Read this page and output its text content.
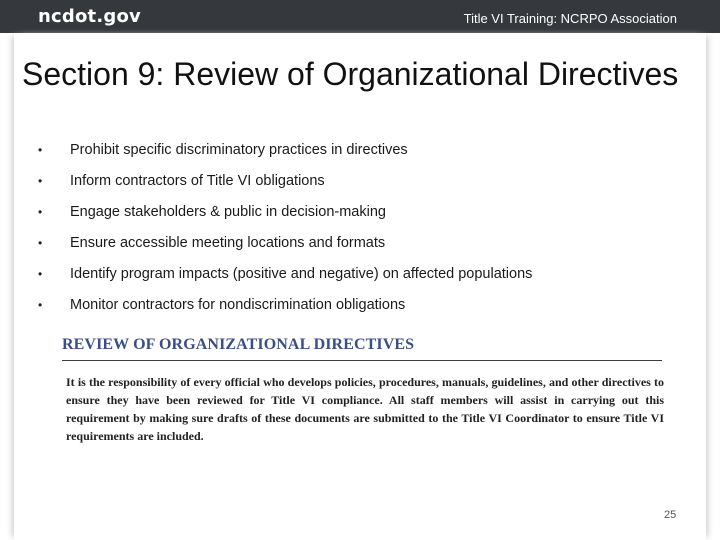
ncdot.gov	Title VI Training: NCRPO Association
Section 9: Review of Organizational Directives
• Prohibit specific discriminatory practices in directives
• Inform contractors of Title VI obligations
• Engage stakeholders & public in decision-making
• Ensure accessible meeting locations and formats
• Identify program impacts (positive and negative) on affected populations
• Monitor contractors for nondiscrimination obligations
REVIEW OF ORGANIZATIONAL DIRECTIVES

It is the responsibility of every official who develops policies, procedures, manuals, guidelines, and other directives to ensure they have been reviewed for Title VI compliance. All staff members will assist in carrying out this requirement by making sure drafts of these documents are submitted to the Title VI Coordinator to ensure Title VI requirements are included.

25
